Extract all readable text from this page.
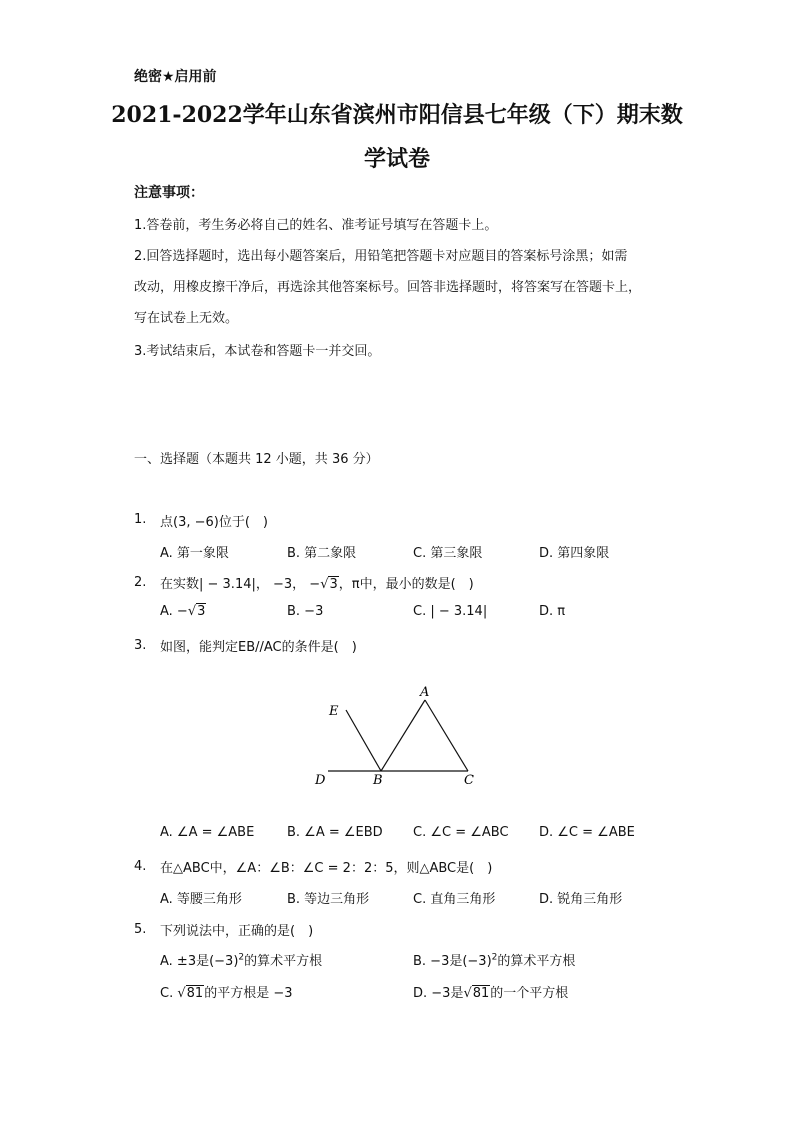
绝密★启用前
2021-2022学年山东省滨州市阳信县七年级（下）期末数
学试卷
注意事项：
1.答卷前，考生务必将自己的姓名、准考证号填写在答题卡上。
2.回答选择题时，选出每小题答案后，用铅笔把答题卡对应题目的答案标号涂黑；如需
改动，用橡皮擦干净后，再选涂其他答案标号。回答非选择题时，将答案写在答题卡上，
写在试卷上无效。
3.考试结束后，本试卷和答题卡一并交回。
一、选择题（本题共 12 小题，共 36 分）
1. 点(3, −6)位于(　)
A. 第一象限	B. 第二象限	C. 第三象限	D. 第四象限
2. 在实数| − 3.14|， −3， −√3，π中，最小的数是(　)
A. −√3	B. −3	C. | − 3.14|	D. π
3. 如图，能判定EB//AC的条件是(　)
A
B	C
D
E
A. ∠A = ∠ABE	B. ∠A = ∠EBD C. ∠C = ∠ABC D. ∠C = ∠ABE
4. 在△ABC中，∠A：∠B：∠C = 2：2：5，则△ABC是(　)
A. 等腰三角形	B. 等边三角形	C. 直角三角形	D. 锐角三角形
5. 下列说法中，正确的是(　)
A. ±3是$(-3)^2$的算术平方根	B. −3是$(-3)^2$的算术平方根
C. √81的平方根是 −3	D. −3是√81的一个平方根
